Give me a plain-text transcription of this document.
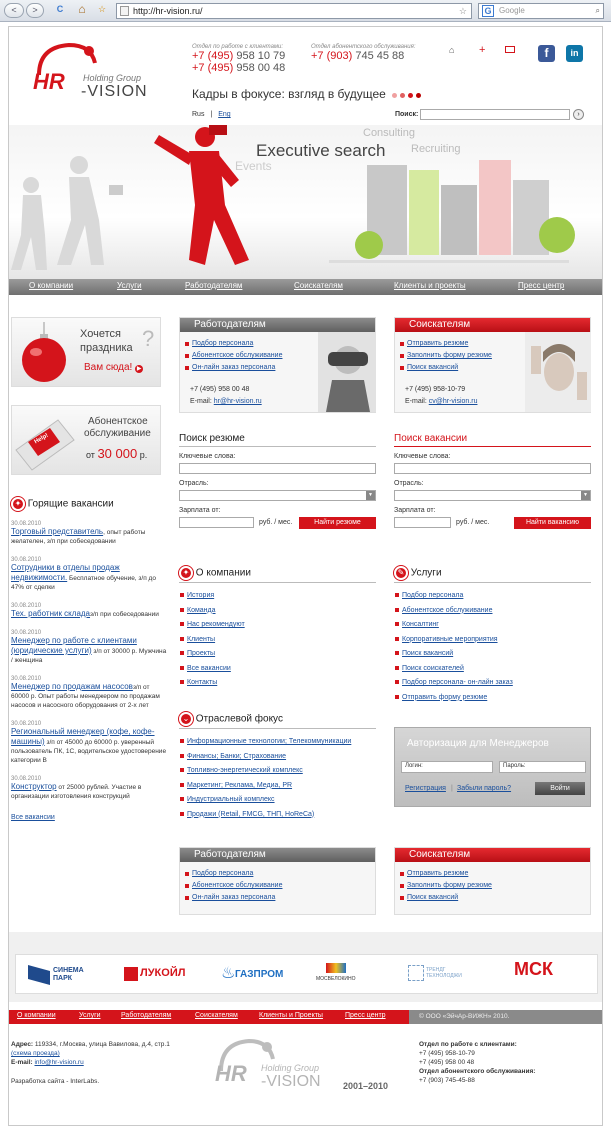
<	>	C	⌂	☆	http://hr-vision.ru/	☆ G Google	⌕
HR Holding Group
-VISION
Отдел по работе с клиентами:
+7 (495) 958 10 79
+7 (495) 958 00 48
Отдел абонентского обслуживания:
+7 (903) 745 45 88	⌂ +	f	in
Кадры в фокусе: взгляд в будущее
Rus | Eng	Поиск:	›
Executive search
Consulting
Recruiting
Events
О компании	Услуги	Работодателям	Соискателям	Клиенты и проекты	Пресс центр
Хочется
праздника ?
Вам сюда! ▶
Help!
Абонентское
обслуживание
от 30 000 р.
✦ Горящие вакансии
30.08.2010
Торговый представитель, опыт работы желателен, з/п при собеседовании
30.08.2010
Сотрудники в отделы продаж недвижимости. Бесплатное обучение, з/п до 47% от сделки
30.08.2010
Тех. работник складаз/п при собеседовании
30.08.2010
Менеджер по работе с клиентами (юридические услуги) з/п от 30000 р. Мужчина / женщина
30.08.2010
Менеджер по продажам насосовз/п от 60000 р. Опыт работы менеджером по продажам насосов и насосного оборудования от 2-х лет
30.08.2010
Региональный менеджер (кофе, кофе-машины) з/п от 45000 до 60000 р. уверенный пользователь ПК, 1С, водительское удостоверение категории В
30.08.2010
Конструктор от 25000 рублей. Участие в организации изготовления конструкций
Все вакансии
Работодателям
Подбор персонала
Абонентское обслуживание
Он-лайн заказ персонала
+7 (495) 958 00 48
E-mail: hr@hr-vision.ru
Соискателям
Отправить резюме
Заполнить форму резюме
Поиск вакансий
+7 (495) 958-10-79
E-mail: cv@hr-vision.ru
Поиск резюме
Ключевые слова:
Отрасль:
▼
Зарплата от:
руб. / мес.	Найти резюме
Поиск вакансии
Ключевые слова:
Отрасль:
▼
Зарплата от:
руб. / мес.	Найти вакансию
✦ О компании
История
Команда
Нас рекомендуют
Клиенты
Проекты
Все вакансии
Контакты
✎ Услуги
Подбор персонала
Абонентское обслуживание
Консалтинг
Корпоративные мероприятия
Поиск вакансий
Поиск соискателей
Подбор персонала- он-лайн заказ
Отправить форму резюме
⌄ Отраслевой фокус
Информационные технологии; Телекоммуникации
Финансы; Банки; Страхование
Топливно-энергетический комплекс
Маркетинг; Реклама, Медиа, PR
Индустриальный комплекс
Продажи (Retail, FMCG, ТНП, HoReCa)
Авторизация для Менеджеров
Логин:	Пароль:
Регистрация | Забыли пароль?	Войти
Работодателям
Подбор персонала
Абонентское обслуживание
Он-лайн заказ персонала
Соискателям
Отправить резюме
Заполнить форму резюме
Поиск вакансий
СИНЕМА ПАРК	ЛУКОЙЛ ♨ ГАЗПРОМ	МОСВЕЛОКИНО
ТРЕНДГ ТЕХНОЛОДЖИ	МСК
О компании	Услуги	Работодателям	Соискателям	Клиенты и Проекты	Пресс центр	© ООО «ЭйчАр-ВИЖН» 2010.
Адрес: 119334, г.Москва, улица Вавилова, д.4, стр.1
(схема проезда)
E-mail: info@hr-vision.ru
Разработка сайта - InterLabs.	HR Holding Group
-VISION 2001–2010
Отдел по работе с клиентами:
+7 (495) 958-10-79
+7 (495) 958 00 48
Отдел абонентского обслуживания:
+7 (903) 745-45-88
